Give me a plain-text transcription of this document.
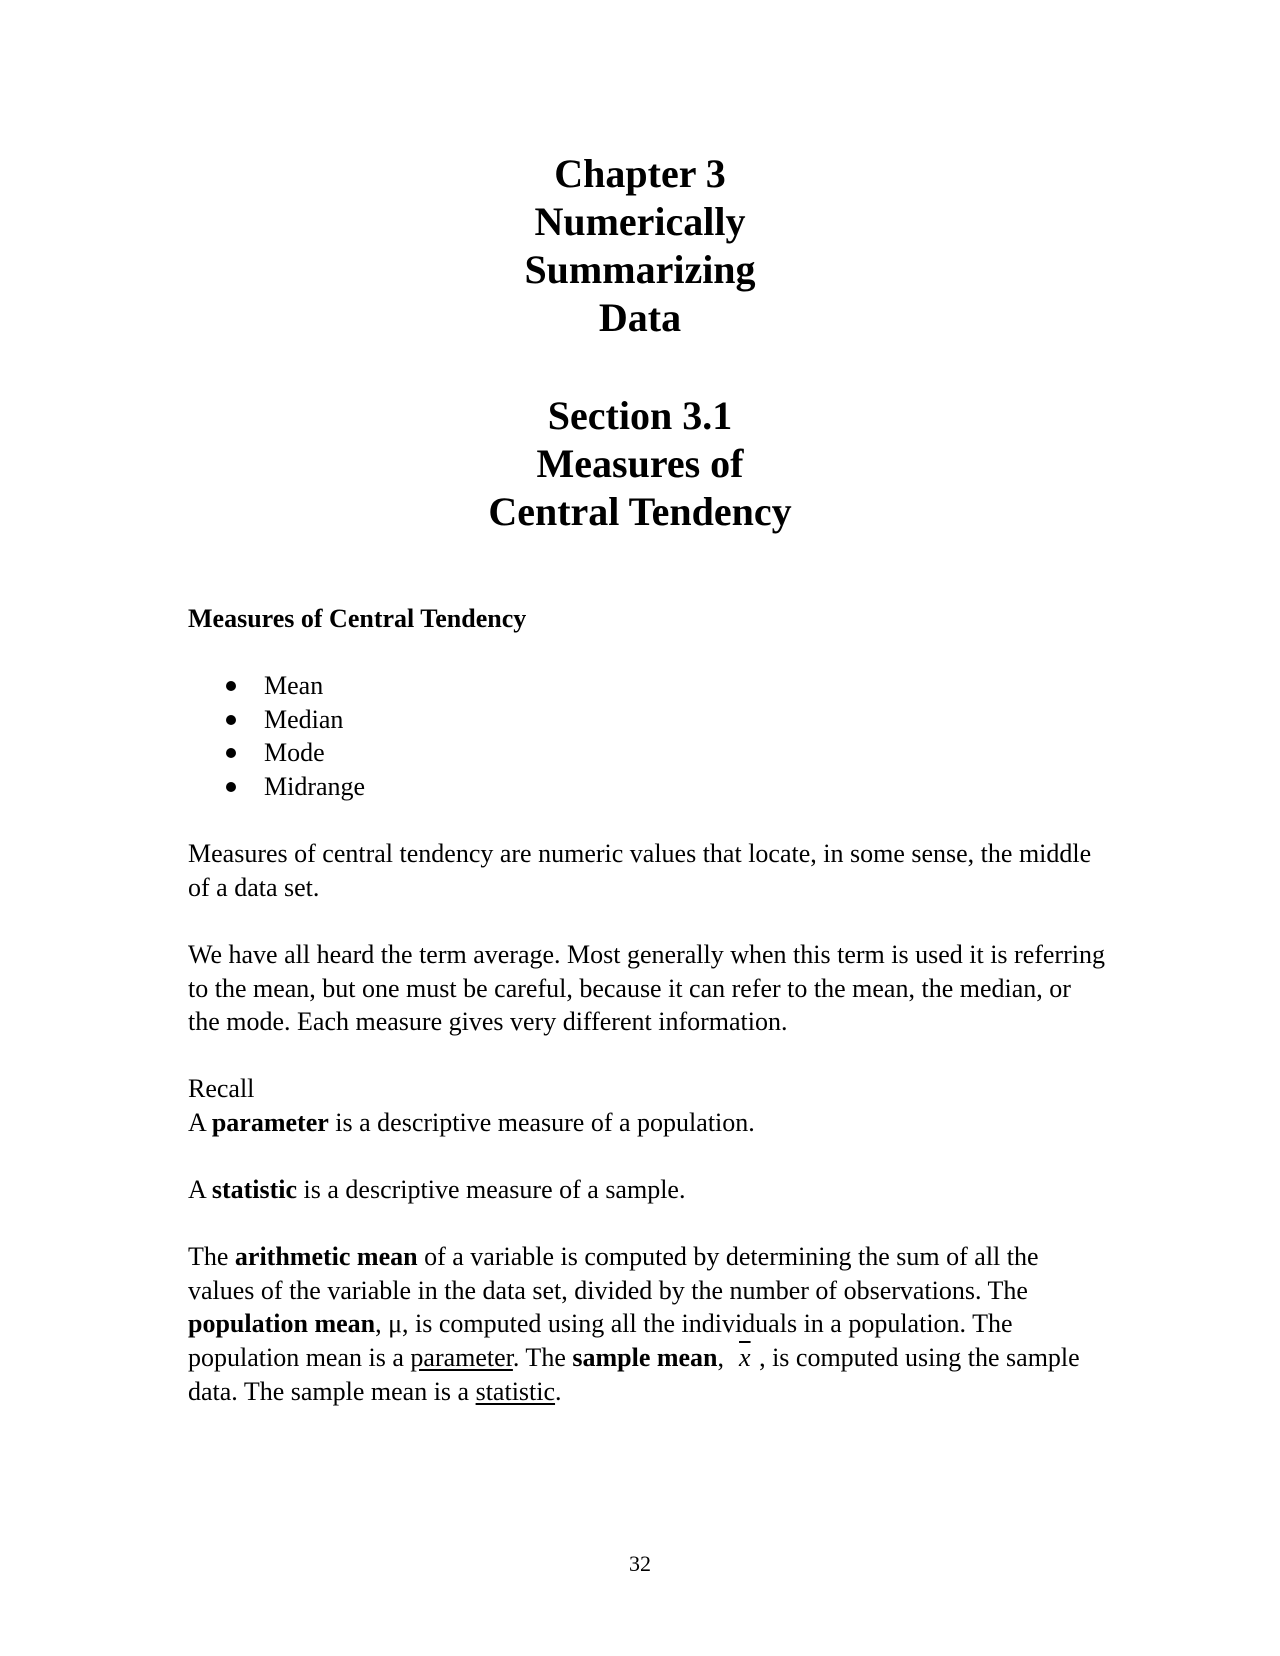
Chapter 3
Numerically
Summarizing
Data
Section 3.1
Measures of
Central Tendency

Measures of Central Tendency

Mean
Median
Mode
Midrange

Measures of central tendency are numeric values that locate, in some sense, the middle of a data set.

We have all heard the term average. Most generally when this term is used it is referring to the mean, but one must be careful, because it can refer to the mean, the median, or the mode. Each measure gives very different information.

Recall
A parameter is a descriptive measure of a population.

A statistic is a descriptive measure of a sample.

The arithmetic mean of a variable is computed by determining the sum of all the values of the variable in the data set, divided by the number of observations. The population mean, μ, is computed using all the individuals in a population. The population mean is a parameter. The sample mean,  $\overline{x}$ , is computed using the sample data. The sample mean is a statistic.

32
